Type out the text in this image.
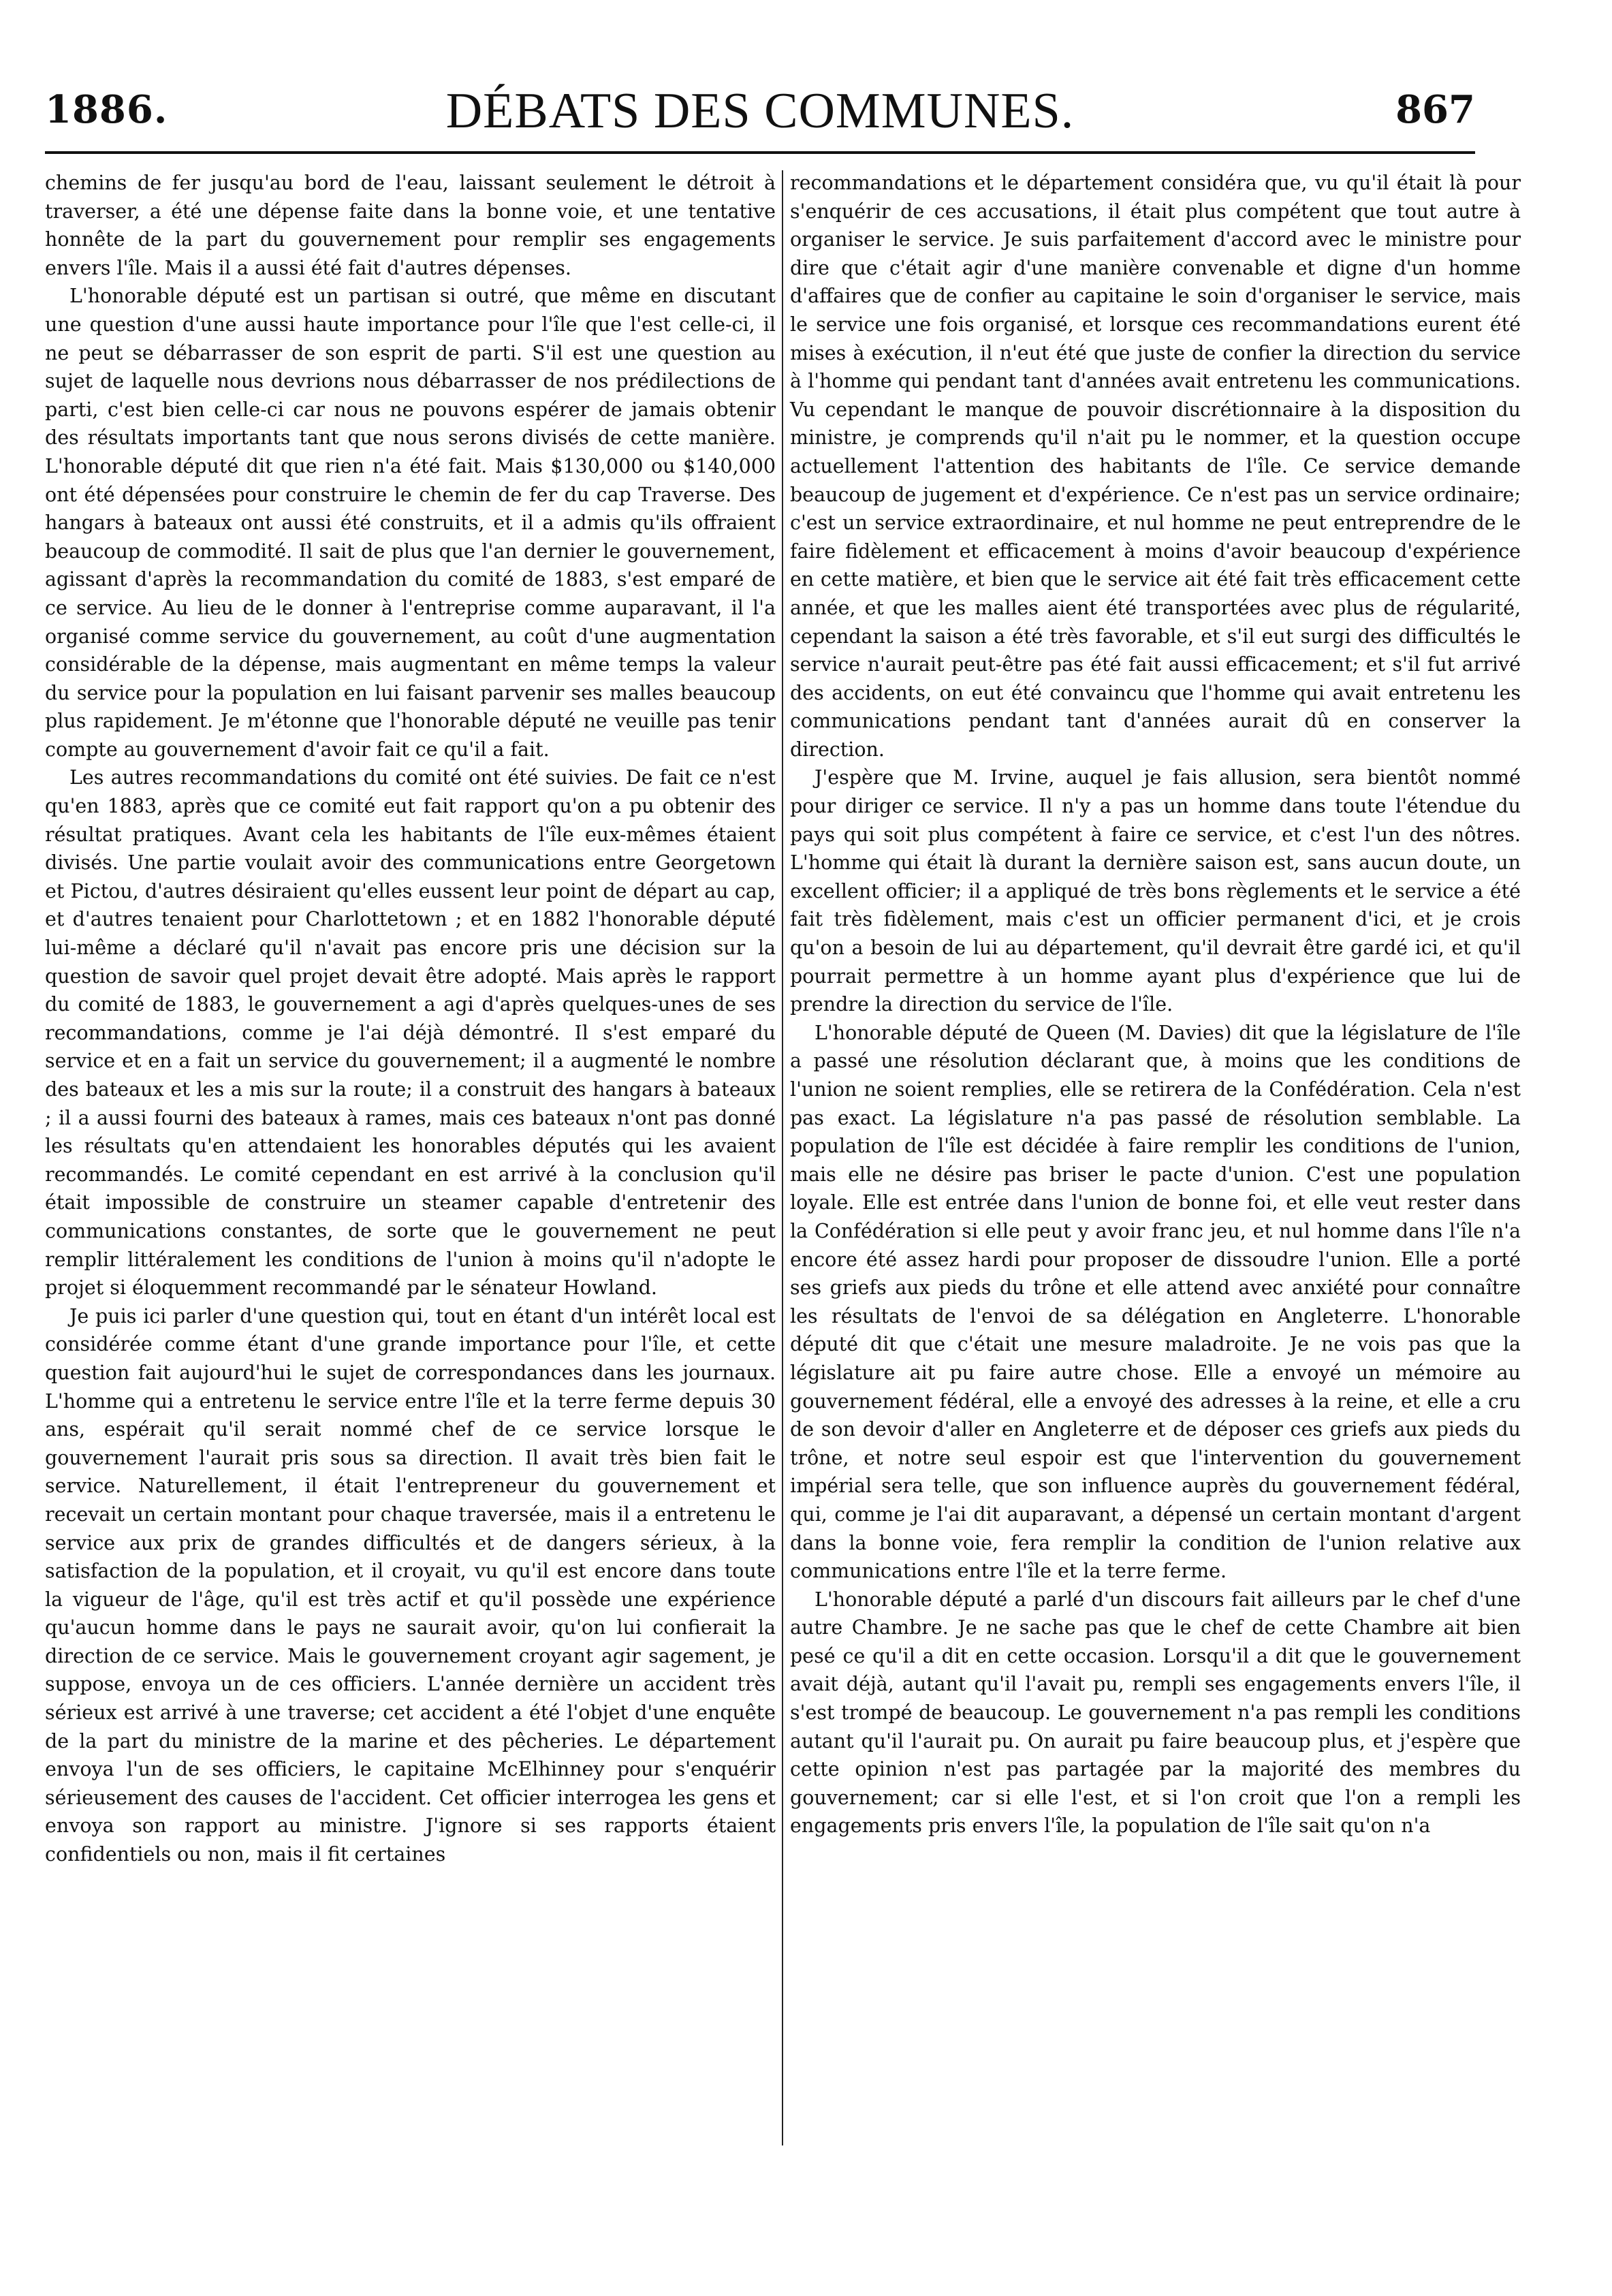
1886.	DÉBATS DES COMMUNES.	867

chemins de fer jusqu'au bord de l'eau, laissant seulement le détroit à traverser, a été une dépense faite dans la bonne voie, et une tentative honnête de la part du gouvernement pour remplir ses engagements envers l'île. Mais il a aussi été fait d'autres dépenses.

L'honorable député est un partisan si outré, que même en discutant une question d'une aussi haute importance pour l'île que l'est celle-ci, il ne peut se débarrasser de son esprit de parti. S'il est une question au sujet de laquelle nous devrions nous débarrasser de nos prédilections de parti, c'est bien celle-ci car nous ne pouvons espérer de jamais obtenir des résultats importants tant que nous serons divisés de cette manière. L'honorable député dit que rien n'a été fait. Mais $130,000 ou $140,000 ont été dépensées pour construire le chemin de fer du cap Traverse. Des hangars à bateaux ont aussi été construits, et il a admis qu'ils offraient beaucoup de commodité. Il sait de plus que l'an dernier le gouvernement, agissant d'après la recommandation du comité de 1883, s'est emparé de ce service. Au lieu de le donner à l'entreprise comme auparavant, il l'a organisé comme service du gouvernement, au coût d'une augmentation considérable de la dépense, mais augmentant en même temps la valeur du service pour la population en lui faisant parvenir ses malles beaucoup plus rapidement. Je m'étonne que l'honorable député ne veuille pas tenir compte au gouvernement d'avoir fait ce qu'il a fait.

Les autres recommandations du comité ont été suivies. De fait ce n'est qu'en 1883, après que ce comité eut fait rapport qu'on a pu obtenir des résultat pratiques. Avant cela les habitants de l'île eux-mêmes étaient divisés. Une partie voulait avoir des communications entre Georgetown et Pictou, d'autres désiraient qu'elles eussent leur point de départ au cap, et d'autres tenaient pour Charlottetown ; et en 1882 l'honorable député lui-même a déclaré qu'il n'avait pas encore pris une décision sur la question de savoir quel projet devait être adopté. Mais après le rapport du comité de 1883, le gouvernement a agi d'après quelques-unes de ses recommandations, comme je l'ai déjà démontré. Il s'est emparé du service et en a fait un service du gouvernement; il a augmenté le nombre des bateaux et les a mis sur la route; il a construit des hangars à bateaux ; il a aussi fourni des bateaux à rames, mais ces bateaux n'ont pas donné les résultats qu'en attendaient les honorables députés qui les avaient recommandés. Le comité cependant en est arrivé à la conclusion qu'il était impossible de construire un steamer capable d'entretenir des communications constantes, de sorte que le gouvernement ne peut remplir littéralement les conditions de l'union à moins qu'il n'adopte le projet si éloquemment recommandé par le sénateur Howland.

Je puis ici parler d'une question qui, tout en étant d'un intérêt local est considérée comme étant d'une grande importance pour l'île, et cette question fait aujourd'hui le sujet de correspondances dans les journaux. L'homme qui a entretenu le service entre l'île et la terre ferme depuis 30 ans, espérait qu'il serait nommé chef de ce service lorsque le gouvernement l'aurait pris sous sa direction. Il avait très bien fait le service. Naturellement, il était l'entrepreneur du gouvernement et recevait un certain montant pour chaque traversée, mais il a entretenu le service aux prix de grandes difficultés et de dangers sérieux, à la satisfaction de la population, et il croyait, vu qu'il est encore dans toute la vigueur de l'âge, qu'il est très actif et qu'il possède une expérience qu'aucun homme dans le pays ne saurait avoir, qu'on lui confierait la direction de ce service. Mais le gouvernement croyant agir sagement, je suppose, envoya un de ces officiers. L'année dernière un accident très sérieux est arrivé à une traverse; cet accident a été l'objet d'une enquête de la part du ministre de la marine et des pêcheries. Le département envoya l'un de ses officiers, le capitaine McElhinney pour s'enquérir sérieusement des causes de l'accident. Cet officier interrogea les gens et envoya son rapport au ministre. J'ignore si ses rapports étaient confidentiels ou non, mais il fit certaines

recommandations et le département considéra que, vu qu'il était là pour s'enquérir de ces accusations, il était plus compétent que tout autre à organiser le service. Je suis parfaitement d'accord avec le ministre pour dire que c'était agir d'une manière convenable et digne d'un homme d'affaires que de confier au capitaine le soin d'organiser le service, mais le service une fois organisé, et lorsque ces recommandations eurent été mises à exécution, il n'eut été que juste de confier la direction du service à l'homme qui pendant tant d'années avait entretenu les communications. Vu cependant le manque de pouvoir discrétionnaire à la disposition du ministre, je comprends qu'il n'ait pu le nommer, et la question occupe actuellement l'attention des habitants de l'île. Ce service demande beaucoup de jugement et d'expérience. Ce n'est pas un service ordinaire; c'est un service extraordinaire, et nul homme ne peut entreprendre de le faire fidèlement et efficacement à moins d'avoir beaucoup d'expérience en cette matière, et bien que le service ait été fait très efficacement cette année, et que les malles aient été transportées avec plus de régularité, cependant la saison a été très favorable, et s'il eut surgi des difficultés le service n'aurait peut-être pas été fait aussi efficacement; et s'il fut arrivé des accidents, on eut été convaincu que l'homme qui avait entretenu les communications pendant tant d'années aurait dû en conserver la direction.

J'espère que M. Irvine, auquel je fais allusion, sera bientôt nommé pour diriger ce service. Il n'y a pas un homme dans toute l'étendue du pays qui soit plus compétent à faire ce service, et c'est l'un des nôtres. L'homme qui était là durant la dernière saison est, sans aucun doute, un excellent officier; il a appliqué de très bons règlements et le service a été fait très fidèlement, mais c'est un officier permanent d'ici, et je crois qu'on a besoin de lui au département, qu'il devrait être gardé ici, et qu'il pourrait permettre à un homme ayant plus d'expérience que lui de prendre la direction du service de l'île.

L'honorable député de Queen (M. Davies) dit que la législature de l'île a passé une résolution déclarant que, à moins que les conditions de l'union ne soient remplies, elle se retirera de la Confédération. Cela n'est pas exact. La législature n'a pas passé de résolution semblable. La population de l'île est décidée à faire remplir les conditions de l'union, mais elle ne désire pas briser le pacte d'union. C'est une population loyale. Elle est entrée dans l'union de bonne foi, et elle veut rester dans la Confédération si elle peut y avoir franc jeu, et nul homme dans l'île n'a encore été assez hardi pour proposer de dissoudre l'union. Elle a porté ses griefs aux pieds du trône et elle attend avec anxiété pour connaître les résultats de l'envoi de sa délégation en Angleterre. L'honorable député dit que c'était une mesure maladroite. Je ne vois pas que la législature ait pu faire autre chose. Elle a envoyé un mémoire au gouvernement fédéral, elle a envoyé des adresses à la reine, et elle a cru de son devoir d'aller en Angleterre et de déposer ces griefs aux pieds du trône, et notre seul espoir est que l'intervention du gouvernement impérial sera telle, que son influence auprès du gouvernement fédéral, qui, comme je l'ai dit auparavant, a dépensé un certain montant d'argent dans la bonne voie, fera remplir la condition de l'union relative aux communications entre l'île et la terre ferme.

L'honorable député a parlé d'un discours fait ailleurs par le chef d'une autre Chambre. Je ne sache pas que le chef de cette Chambre ait bien pesé ce qu'il a dit en cette occasion. Lorsqu'il a dit que le gouvernement avait déjà, autant qu'il l'avait pu, rempli ses engagements envers l'île, il s'est trompé de beaucoup. Le gouvernement n'a pas rempli les conditions autant qu'il l'aurait pu. On aurait pu faire beaucoup plus, et j'espère que cette opinion n'est pas partagée par la majorité des membres du gouvernement; car si elle l'est, et si l'on croit que l'on a rempli les engagements pris envers l'île, la population de l'île sait qu'on n'a
